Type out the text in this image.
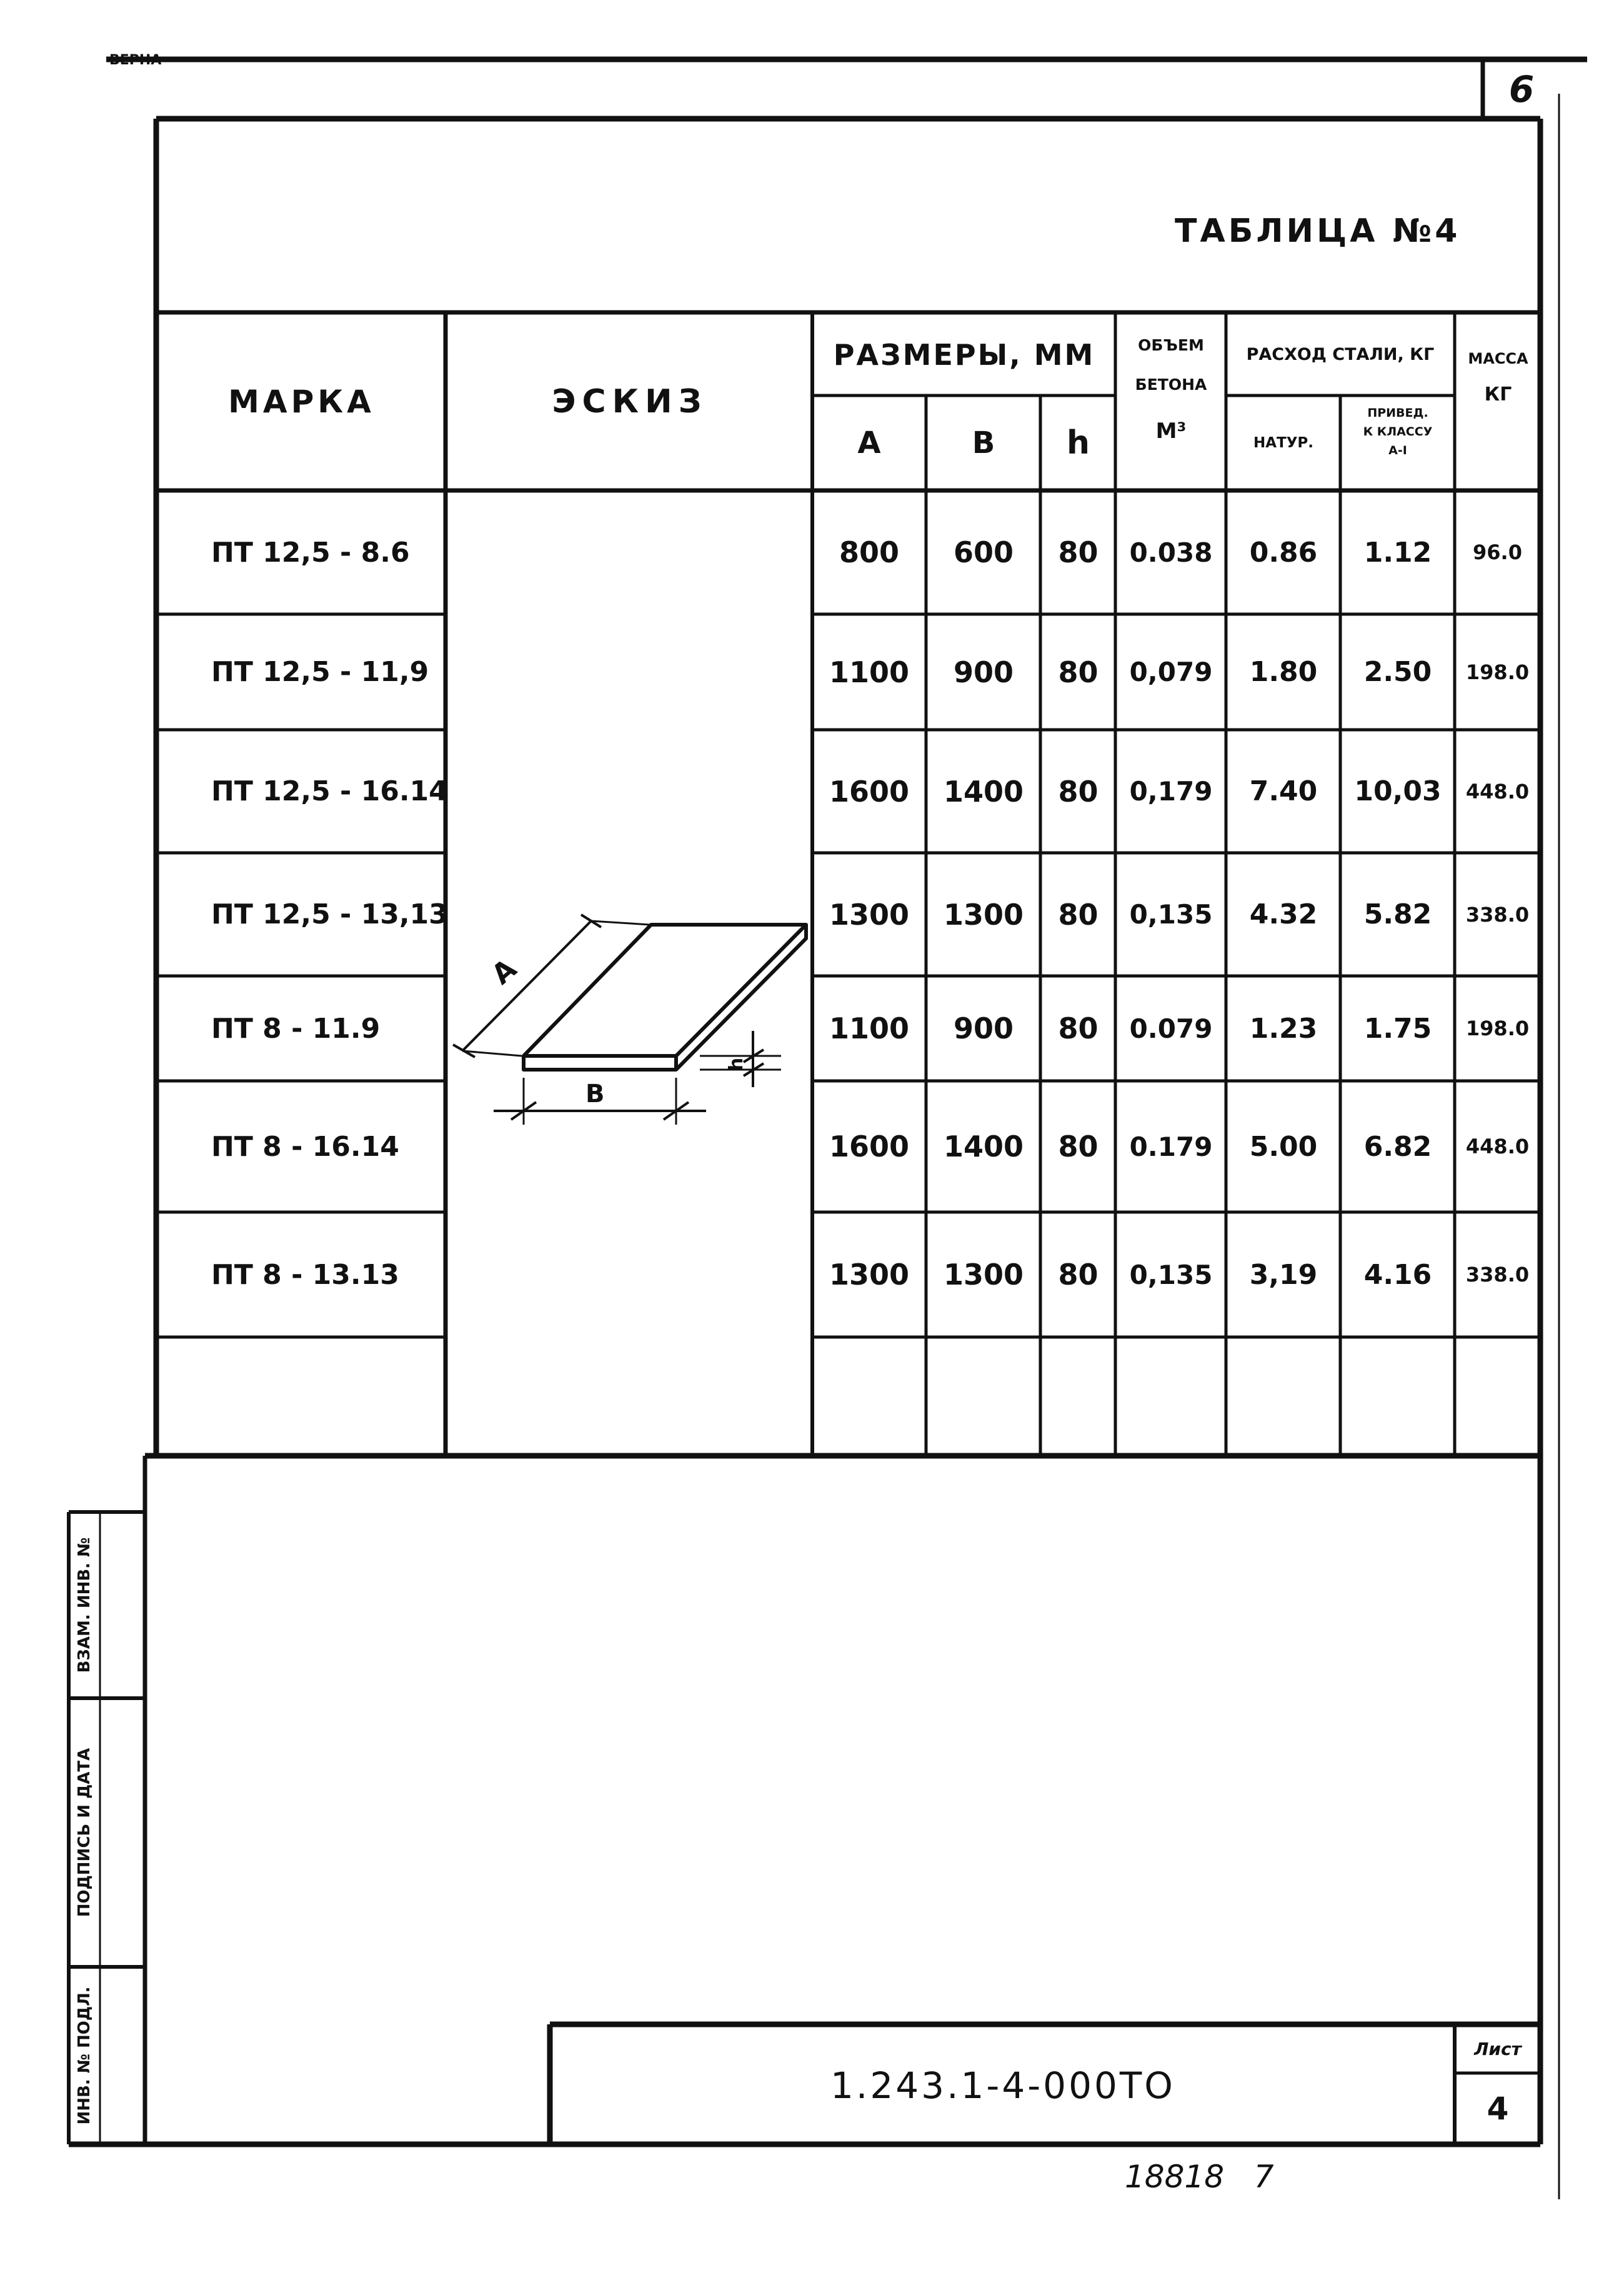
ВЕРНА
6
ТАБЛИЦА №4
МАРКА	ЭСКИЗ
РАЗМЕРЫ, ММ
A	B	h
ОБЪЕМ
БЕТОНА
M³
РАСХОД СТАЛИ, КГ
НАТУР.
ПРИВЕД.
К КЛАССУ
A-I
МАССА
КГ
ПТ 12,5 - 8.6	800	600	80	0.038	0.86	1.12	96.0
ПТ 12,5 - 11,9	1100	900	80	0,079	1.80	2.50	198.0
ПТ 12,5 - 16.14	1600	1400	80	0,179	7.40	10,03	448.0
ПТ 12,5 - 13,13	1300	1300	80	0,135	4.32	5.82	338.0
ПТ 8 - 11.9	1100	900	80	0.079	1.23	1.75	198.0
ПТ 8 - 16.14	1600	1400	80	0.179	5.00	6.82	448.0
ПТ 8 - 13.13	1300	1300	80	0,135	3,19	4.16	338.0
A
B
h
ВЗАМ. ИНВ. №
ПОДПИСЬ И ДАТА
ИНВ. № ПОДЛ.	1.243.1-4-000ТО
Лист
4
18818   7
